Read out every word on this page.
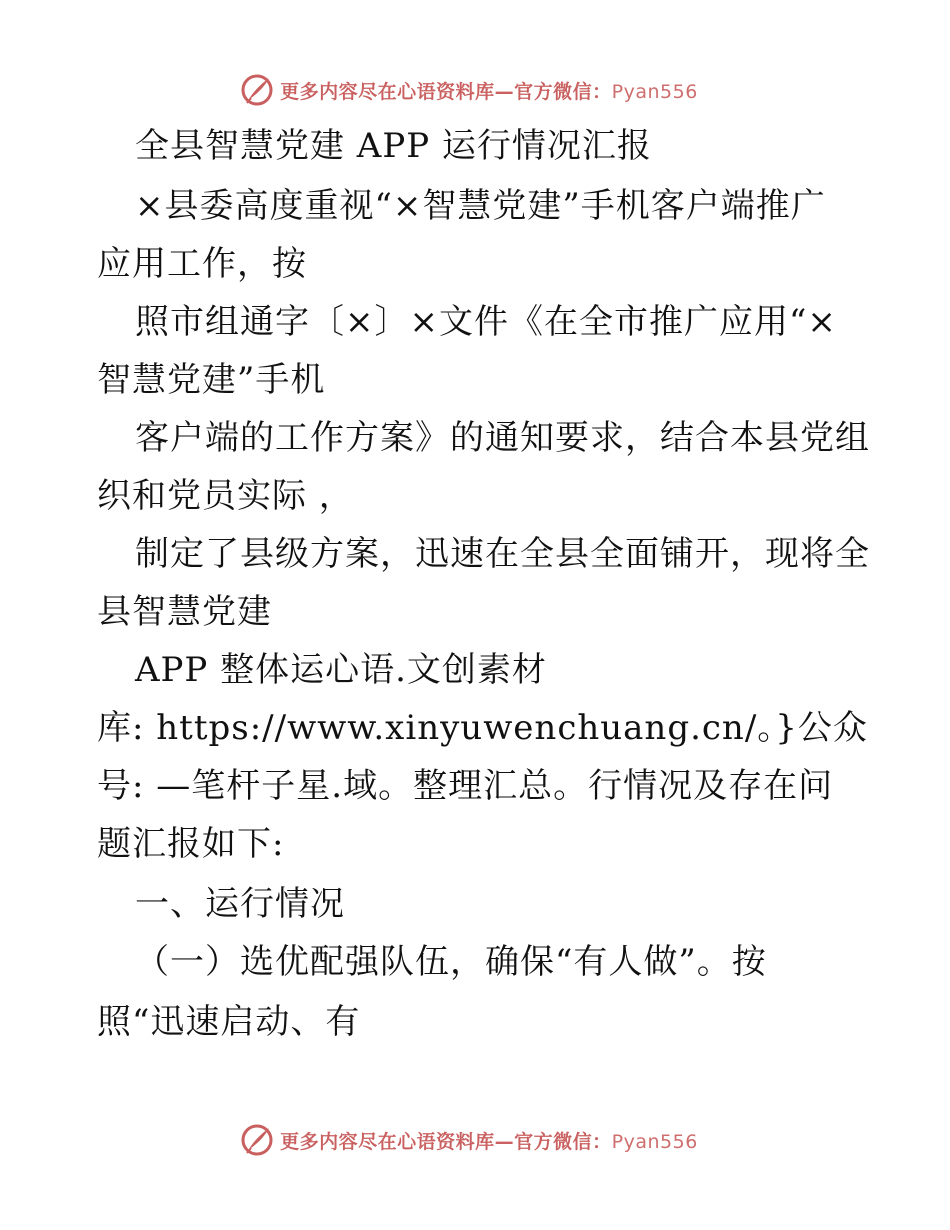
更多内容尽在心语资料库—官方微信：Pyan556
全县智慧党建 APP 运行情况汇报
×县委高度重视“×智慧党建”手机客户端推广
应用工作，按
照市组通字〔×〕×文件《在全市推广应用“×
智慧党建”手机
客户端的工作方案》的通知要求，结合本县党组
织和党员实际 ，
制定了县级方案，迅速在全县全面铺开，现将全
县智慧党建
APP 整体运心语.文创素材
库: https://www.xinyuwenchuang.cn/。}公众
号: —笔杆子星.域。整理汇总。行情况及存在问
题汇报如下:
一、运行情况
（一）选优配强队伍，确保“有人做”。按
照“迅速启动、有
更多内容尽在心语资料库—官方微信：Pyan556
